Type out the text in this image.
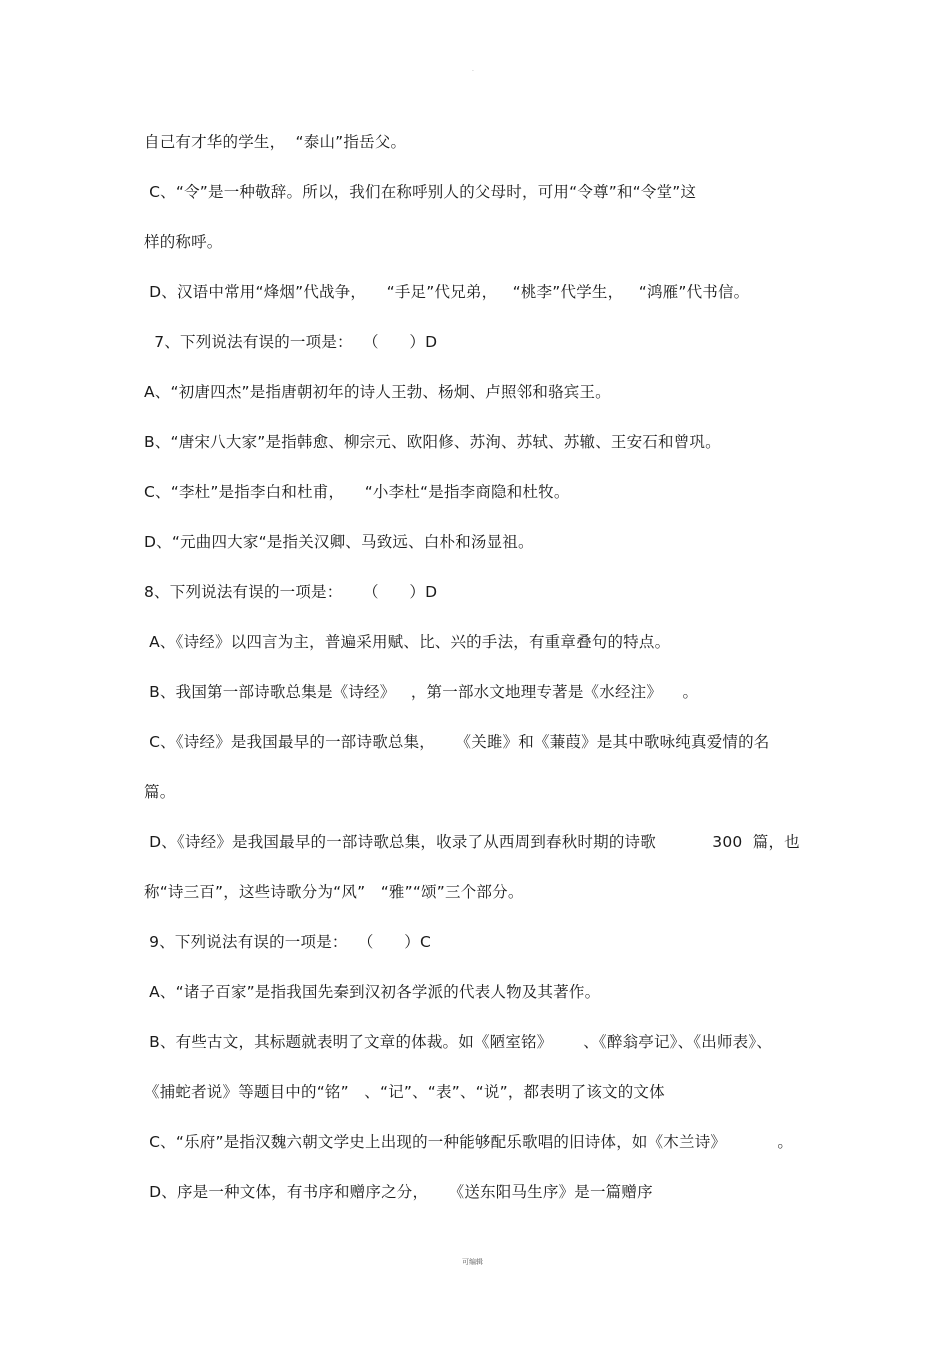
·
自己有才华的学生，  “泰山”指岳父。
C、“令”是一种敬辞。所以，我们在称呼别人的父母时，可用“令尊”和“令堂”这
样的称呼。
D、汉语中常用“烽烟”代战争，    “手足”代兄弟，   “桃李”代学生，   “鸿雁”代书信。
7、下列说法有误的一项是：  （      ）D
A、“初唐四杰”是指唐朝初年的诗人王勃、杨炯、卢照邻和骆宾王。
B、“唐宋八大家”是指韩愈、柳宗元、欧阳修、苏洵、苏轼、苏辙、王安石和曾巩。
C、“李杜”是指李白和杜甫，    “小李杜“是指李商隐和杜牧。
D、“元曲四大家“是指关汉卿、马致远、白朴和汤显祖。
8、下列说法有误的一项是：    （      ）D
A、《诗经》以四言为主，普遍采用赋、比、兴的手法，有重章叠句的特点。
B、我国第一部诗歌总集是《诗经》   ，第一部水文地理专著是《水经注》    。
C、《诗经》是我国最早的一部诗歌总集，    《关雎》和《蒹葭》是其中歌咏纯真爱情的名
篇。
D、《诗经》是我国最早的一部诗歌总集，收录了从西周到春秋时期的诗歌           300  篇，也
称“诗三百”，这些诗歌分为“风”   “雅”“颂”三个部分。
9、下列说法有误的一项是：  （      ）C
A、“诸子百家”是指我国先秦到汉初各学派的代表人物及其著作。
B、有些古文，其标题就表明了文章的体裁。如《陋室铭》      、《醉翁亭记》、《出师表》、
《捕蛇者说》等题目中的“铭”   、“记”、“表”、“说”，都表明了该文的文体
C、“乐府”是指汉魏六朝文学史上出现的一种能够配乐歌唱的旧诗体，如《木兰诗》          。
D、序是一种文体，有书序和赠序之分，    《送东阳马生序》是一篇赠序
可编辑
